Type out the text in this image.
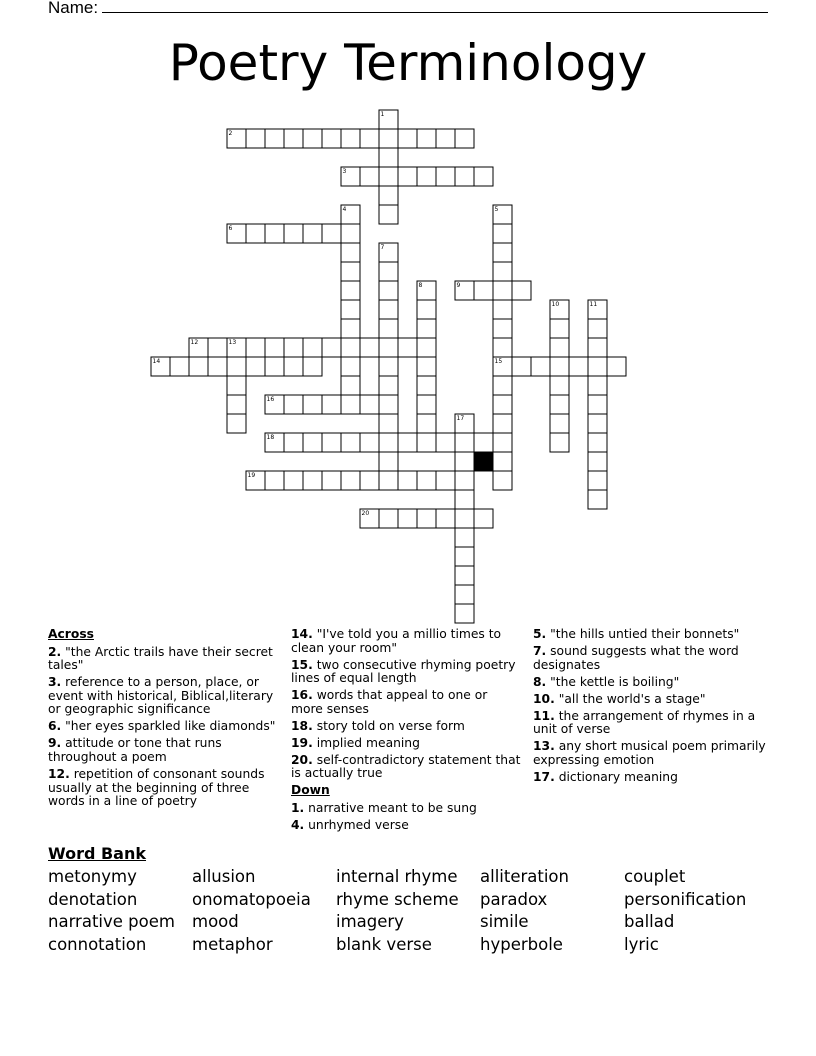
Name:
Poetry Terminology
1
2
3
4	5
6
7
8	9
10	11
12	13
14	15
16
17
18
19
20
Across
2. "the Arctic trails have their secret tales"
3. reference to a person, place, or event with historical, Biblical,literary or geographic significance
6. "her eyes sparkled like diamonds"
9. attitude or tone that runs throughout a poem
12. repetition of consonant sounds usually at the beginning of three words in a line of poetry
14. "I've told you a millio times to clean your room"
15. two consecutive rhyming poetry lines of equal length
16. words that appeal to one or more senses
18. story told on verse form
19. implied meaning
20. self-contradictory statement that is actually true
Down
1. narrative meant to be sung
4. unrhymed verse
5. "the hills untied their bonnets"
7. sound suggests what the word designates
8. "the kettle is boiling"
10. "all the world's a stage"
11. the arrangement of rhymes in a unit of verse
13. any short musical poem primarily expressing emotion
17. dictionary meaning
Word Bank
metonymy
denotation
narrative poem
connotation
allusion
onomatopoeia
mood
metaphor
internal rhyme
rhyme scheme
imagery
blank verse
alliteration
paradox
simile
hyperbole
couplet
personification
ballad
lyric
